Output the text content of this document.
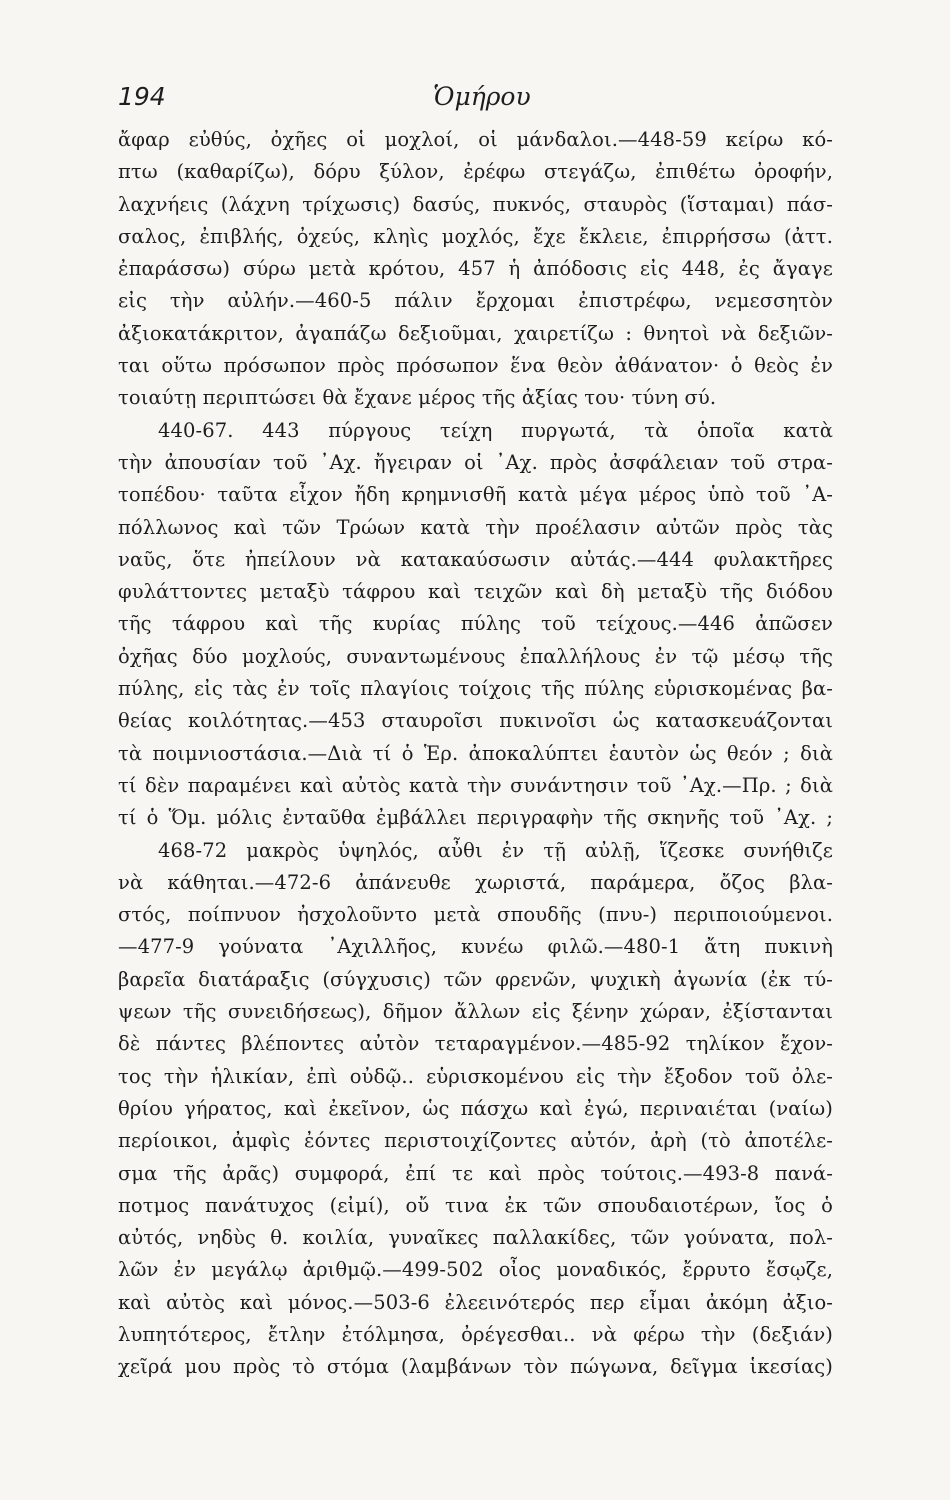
194	Ὁμήρου
ἄφαρ εὐθύς, ὀχῆες οἱ μοχλοί, οἱ μάνδαλοι.—448-59 κείρω κό-
πτω (καθαρίζω), δόρυ ξύλον, ἐρέφω στεγάζω, ἐπιθέτω ὀροφήν,
λαχνήεις (λάχνη τρίχωσις) δασύς, πυκνός, σταυρὸς (ἵσταμαι) πάσ-
σαλος, ἐπιβλής, ὀχεύς, κληὶς μοχλός, ἔχε ἔκλειε, ἐπιρρήσσω (ἀττ.
ἐπαράσσω) σύρω μετὰ κρότου, 457 ἡ ἀπόδοσις εἰς 448, ἐς ἄγαγε
εἰς τὴν αὐλήν.—460-5 πάλιν ἔρχομαι ἐπιστρέφω, νεμεσσητὸν
ἀξιοκατάκριτον, ἀγαπάζω δεξιοῦμαι, χαιρετίζω : θνητοὶ νὰ δεξιῶν-
ται οὕτω πρόσωπον πρὸς πρόσωπον ἕνα θεὸν ἀθάνατον· ὁ θεὸς ἐν
τοιαύτῃ περιπτώσει θὰ ἔχανε μέρος τῆς ἀξίας του· τύνη σύ.
440-67. 443 πύργους τείχη πυργωτά, τὰ ὁποῖα κατὰ
τὴν ἀπουσίαν τοῦ ᾿Αχ. ἤγειραν οἱ ᾿Αχ. πρὸς ἀσφάλειαν τοῦ στρα-
τοπέδου· ταῦτα εἶχον ἤδη κρημνισθῆ κατὰ μέγα μέρος ὑπὸ τοῦ ᾿Α-
πόλλωνος καὶ τῶν Τρώων κατὰ τὴν προέλασιν αὐτῶν πρὸς τὰς
ναῦς, ὅτε ἠπείλουν νὰ κατακαύσωσιν αὐτάς.—444 φυλακτῆρες
φυλάττοντες μεταξὺ τάφρου καὶ τειχῶν καὶ δὴ μεταξὺ τῆς διόδου
τῆς τάφρου καὶ τῆς κυρίας πύλης τοῦ τείχους.—446 ἀπῶσεν
ὀχῆας δύο μοχλούς, συναντωμένους ἐπαλλήλους ἐν τῷ μέσῳ τῆς
πύλης, εἰς τὰς ἐν τοῖς πλαγίοις τοίχοις τῆς πύλης εὑρισκομένας βα-
θείας κοιλότητας.—453 σταυροῖσι πυκινοῖσι ὡς κατασκευάζονται
τὰ ποιμνιοστάσια.—Διὰ τί ὁ Ἑρ. ἀποκαλύπτει ἑαυτὸν ὡς θεόν ; διὰ
τί δὲν παραμένει καὶ αὐτὸς κατὰ τὴν συνάντησιν τοῦ ᾿Αχ.—Πρ. ; διὰ
τί ὁ Ὅμ. μόλις ἐνταῦθα ἐμβάλλει περιγραφὴν τῆς σκηνῆς τοῦ ᾿Αχ. ;
468-72 μακρὸς ὑψηλός, αὖθι ἐν τῇ αὐλῇ, ἵζεσκε συνήθιζε
νὰ κάθηται.—472-6 ἀπάνευθε χωριστά, παράμερα, ὄζος βλα-
στός, ποίπνυον ἠσχολοῦντο μετὰ σπουδῆς (πνυ-) περιποιούμενοι.
—477-9 γούνατα ᾿Αχιλλῆος, κυνέω φιλῶ.—480-1 ἄτη πυκινὴ
βαρεῖα διατάραξις (σύγχυσις) τῶν φρενῶν, ψυχικὴ ἀγωνία (ἐκ τύ-
ψεων τῆς συνειδήσεως), δῆμον ἄλλων εἰς ξένην χώραν, ἐξίστανται
δὲ πάντες βλέποντες αὐτὸν τεταραγμένον.—485-92 τηλίκον ἔχον-
τος τὴν ἡλικίαν, ἐπὶ οὐδῷ.. εὑρισκομένου εἰς τὴν ἔξοδον τοῦ ὀλε-
θρίου γήρατος, καὶ ἐκεῖνον, ὡς πάσχω καὶ ἐγώ, περιναιέται (ναίω)
περίοικοι, ἀμφὶς ἐόντες περιστοιχίζοντες αὐτόν, ἀρὴ (τὸ ἀποτέλε-
σμα τῆς ἀρᾶς) συμφορά, ἐπί τε καὶ πρὸς τούτοις.—493-8 πανά-
ποτμος πανάτυχος (εἰμί), οὔ τινα ἐκ τῶν σπουδαιοτέρων, ἴος ὁ
αὐτός, νηδὺς θ. κοιλία, γυναῖκες παλλακίδες, τῶν γούνατα, πολ-
λῶν ἐν μεγάλῳ ἀριθμῷ.—499-502 οἶος μοναδικός, ἔρρυτο ἔσῳζε,
καὶ αὐτὸς καὶ μόνος.—503-6 ἐλεεινότερός περ εἶμαι ἀκόμη ἀξιο-
λυπητότερος, ἔτλην ἐτόλμησα, ὀρέγεσθαι.. νὰ φέρω τὴν (δεξιάν)
χεῖρά μου πρὸς τὸ στόμα (λαμβάνων τὸν πώγωνα, δεῖγμα ἱκεσίας)
